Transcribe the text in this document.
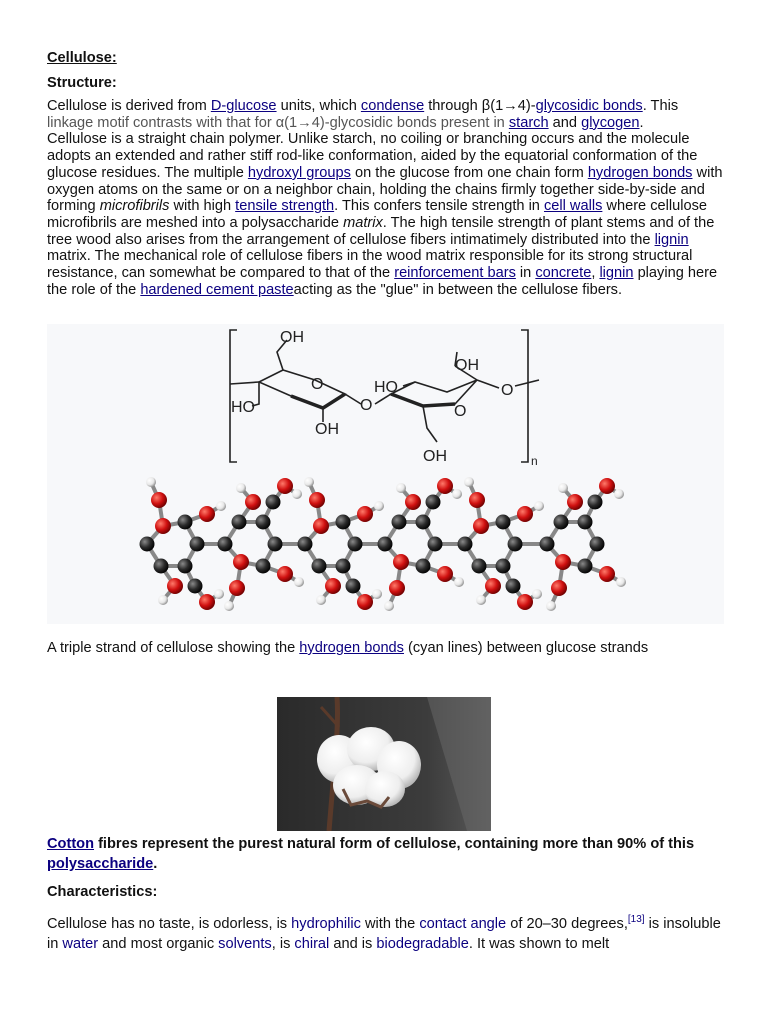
Cellulose:
Structure:

Cellulose is derived from D-glucose units, which condense through β(1→4)-glycosidic bonds. This
linkage motif contrasts with that for α(1→4)-glycosidic bonds present in starch and glycogen.
Cellulose is a straight chain polymer. Unlike starch, no coiling or branching occurs and the molecule adopts an extended and rather stiff rod-like conformation, aided by the equatorial conformation of the glucose residues. The multiple hydroxyl groups on the glucose from one chain form hydrogen bonds with oxygen atoms on the same or on a neighbor chain, holding the chains firmly together side-by-side and forming microfibrils with high tensile strength. This confers tensile strength in cell walls where cellulose microfibrils are meshed into a polysaccharide matrix. The high tensile strength of plant stems and of the tree wood also arises from the arrangement of cellulose fibers intimatimely distributed into the lignin matrix. The mechanical role of cellulose fibers in the wood matrix responsible for its strong structural resistance, can somewhat be compared to that of the reinforcement bars in concrete, lignin playing here the role of the hardened cement pasteacting as the "glue" in between the cellulose fibers.

OH
O
HO
OH
O
OH
HO
O
O
OH	n

A triple strand of cellulose showing the hydrogen bonds (cyan lines) between glucose strands

Cotton fibres represent the purest natural form of cellulose, containing more than 90% of this polysaccharide.

Characteristics:

Cellulose has no taste, is odorless, is hydrophilic with the contact angle of 20–30 degrees,[13] is insoluble in water and most organic solvents, is chiral and is biodegradable. It was shown to melt
